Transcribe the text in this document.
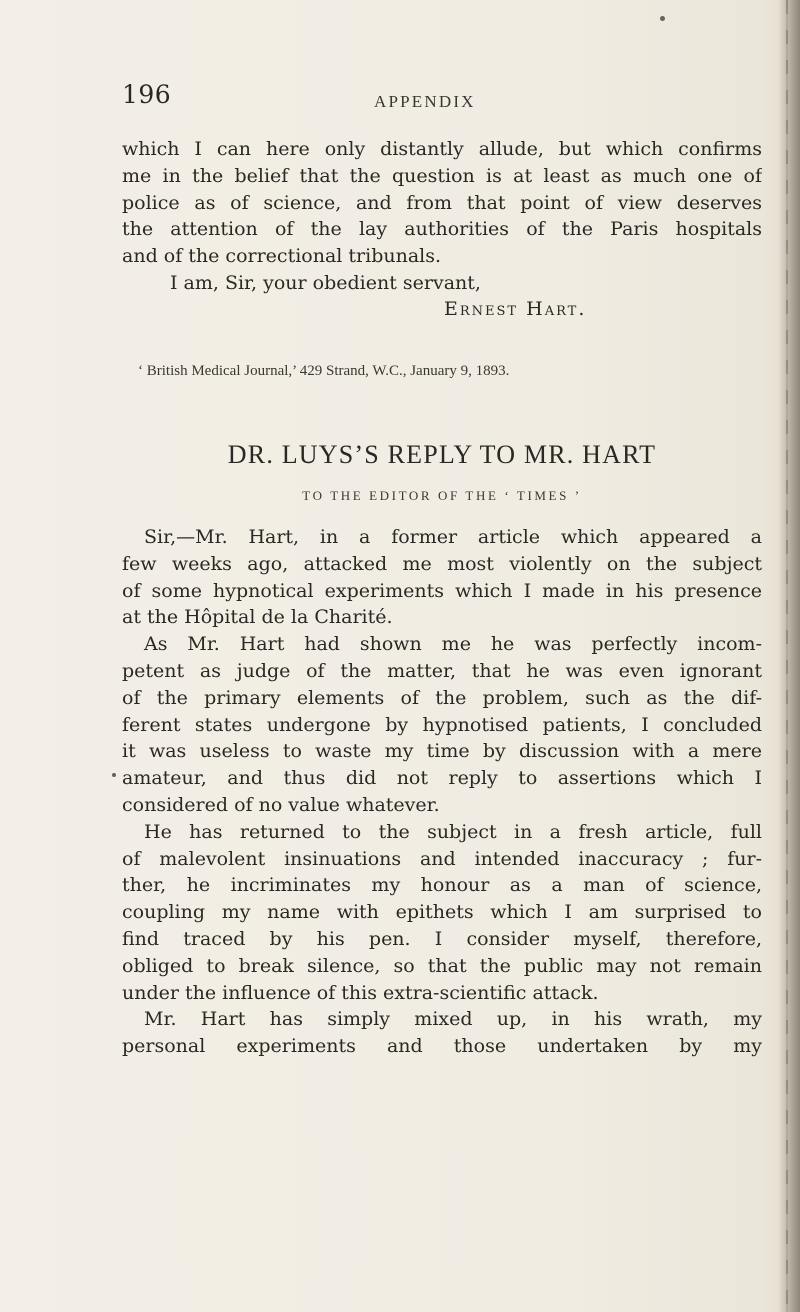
196	APPENDIX
which I can here only distantly allude, but which confirms
me in the belief that the question is at least as much one of
police as of science, and from that point of view deserves
the attention of the lay authorities of the Paris hospitals
and of the correctional tribunals.
I am, Sir, your obedient servant,
Ernest Hart.
‘ British Medical Journal,’ 429 Strand, W.C., January 9, 1893.
DR. LUYS’S REPLY TO MR. HART
TO THE EDITOR OF THE ‘ TIMES ’
Sir,—Mr. Hart, in a former article which appeared a
few weeks ago, attacked me most violently on the subject
of some hypnotical experiments which I made in his presence
at the Hôpital de la Charité.
As Mr. Hart had shown me he was perfectly incom-
petent as judge of the matter, that he was even ignorant
of the primary elements of the problem, such as the dif-
ferent states undergone by hypnotised patients, I concluded
it was useless to waste my time by discussion with a mere
amateur, and thus did not reply to assertions which I
considered of no value whatever.
He has returned to the subject in a fresh article, full
of malevolent insinuations and intended inaccuracy ; fur-
ther, he incriminates my honour as a man of science,
coupling my name with epithets which I am surprised to
find traced by his pen. I consider myself, therefore,
obliged to break silence, so that the public may not remain
under the influence of this extra-scientific attack.
Mr. Hart has simply mixed up, in his wrath, my
personal experiments and those undertaken by my
